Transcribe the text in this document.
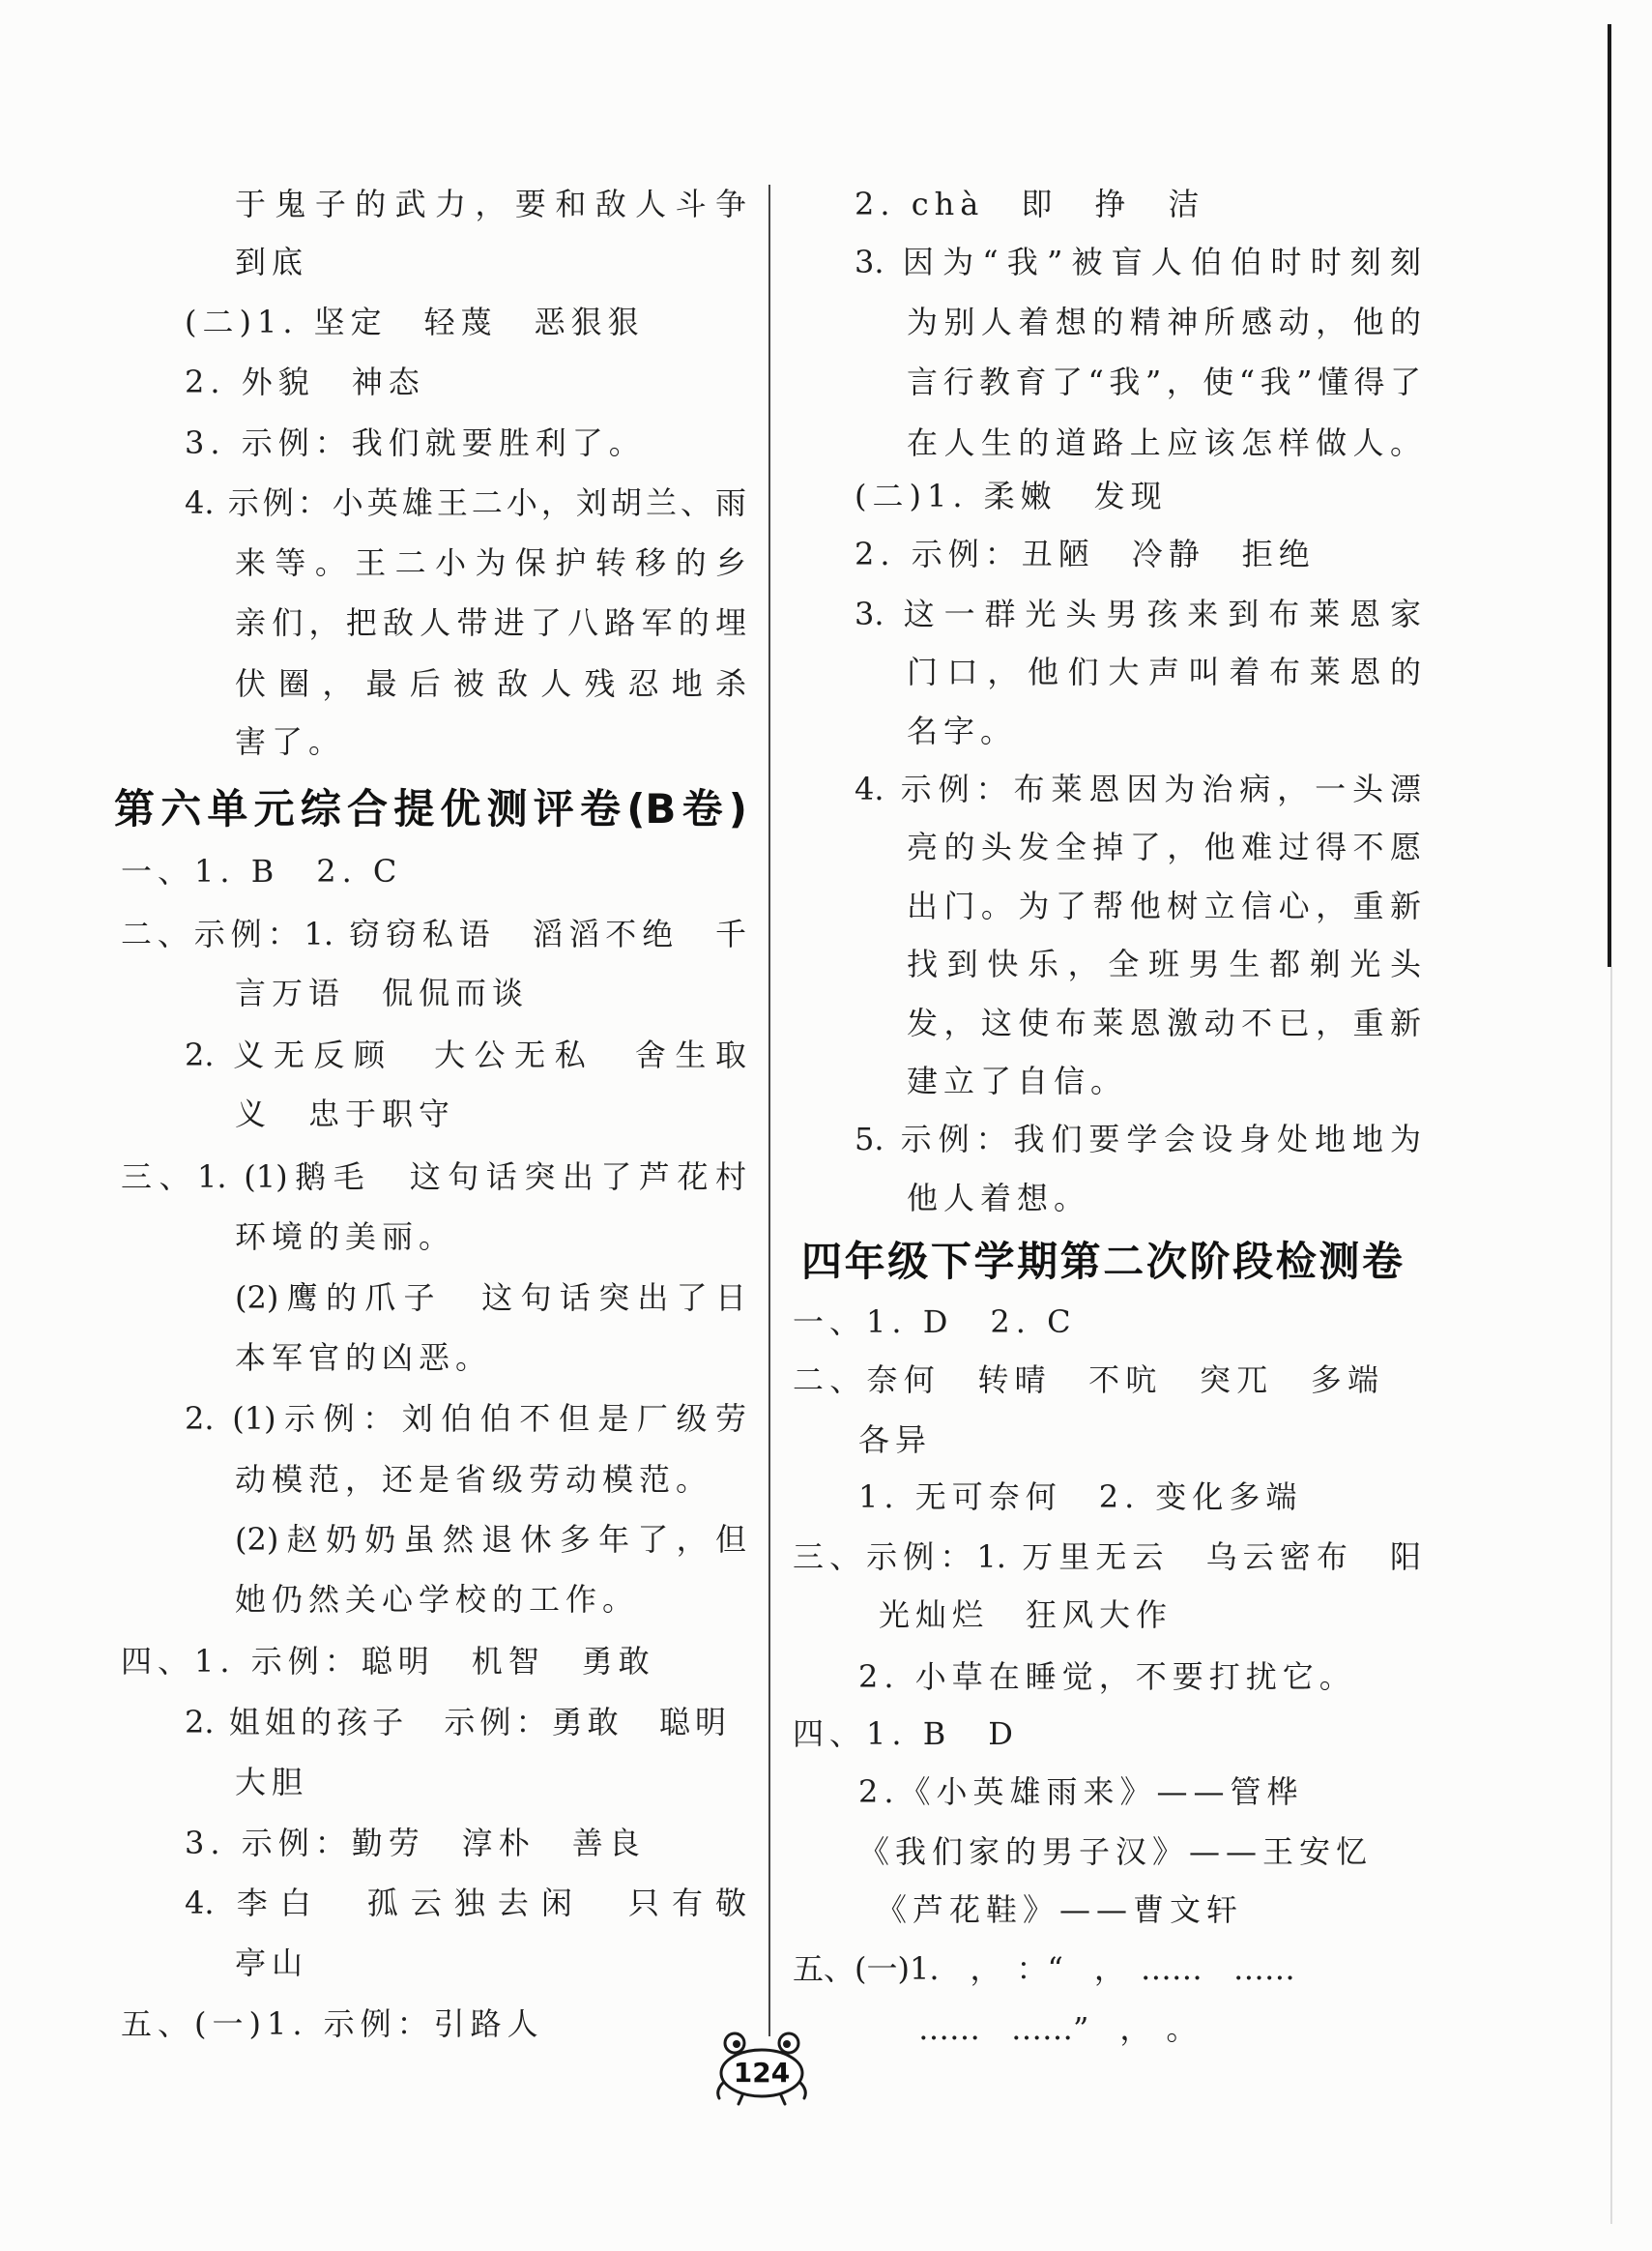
于鬼子的武力，要和敌人斗争
到底
(二)1. 坚定　轻蔑　恶狠狠
2. 外貌　神态
3. 示例：我们就要胜利了。
4. 示例：小英雄王二小，刘胡兰、雨
来等。王二小为保护转移的乡
亲们，把敌人带进了八路军的埋
伏圈，最后被敌人残忍地杀
害了。
第六单元综合提优测评卷(B卷)
一、1. B　2. C
二、示例：1. 窃窃私语　滔滔不绝　千
言万语　侃侃而谈
2. 义无反顾　大公无私　舍生取
义　忠于职守
三、1. (1)鹅毛　这句话突出了芦花村
环境的美丽。
(2)鹰的爪子　这句话突出了日
本军官的凶恶。
2. (1)示例：刘伯伯不但是厂级劳
动模范，还是省级劳动模范。
(2)赵奶奶虽然退休多年了，但
她仍然关心学校的工作。
四、1. 示例：聪明　机智　勇敢
2. 姐姐的孩子　示例：勇敢　聪明
大胆
3. 示例：勤劳　淳朴　善良
4. 李白　孤云独去闲　只有敬
亭山
五、(一)1. 示例：引路人
2. chà　即　挣　洁
3. 因为“我”被盲人伯伯时时刻刻
为别人着想的精神所感动，他的
言行教育了“我”，使“我”懂得了
在人生的道路上应该怎样做人。
(二)1. 柔嫩　发现
2. 示例：丑陋　冷静　拒绝
3. 这一群光头男孩来到布莱恩家
门口，他们大声叫着布莱恩的
名字。
4. 示例：布莱恩因为治病，一头漂
亮的头发全掉了，他难过得不愿
出门。为了帮他树立信心，重新
找到快乐，全班男生都剃光头
发，这使布莱恩激动不已，重新
建立了自信。
5. 示例：我们要学会设身处地地为
他人着想。
四年级下学期第二次阶段检测卷
一、1. D　2. C
二、奈何　转晴　不吭　突兀　多端
各异
1. 无可奈何　2. 变化多端
三、示例：1. 万里无云　乌云密布　阳
光灿烂　狂风大作
2. 小草在睡觉，不要打扰它。
四、1. B　D
2.《小英雄雨来》——管桦
《我们家的男子汉》——王安忆
《芦花鞋》——曹文轩
五、(一)1.　，　：“　，　……　……
……　……”　，　。
124
